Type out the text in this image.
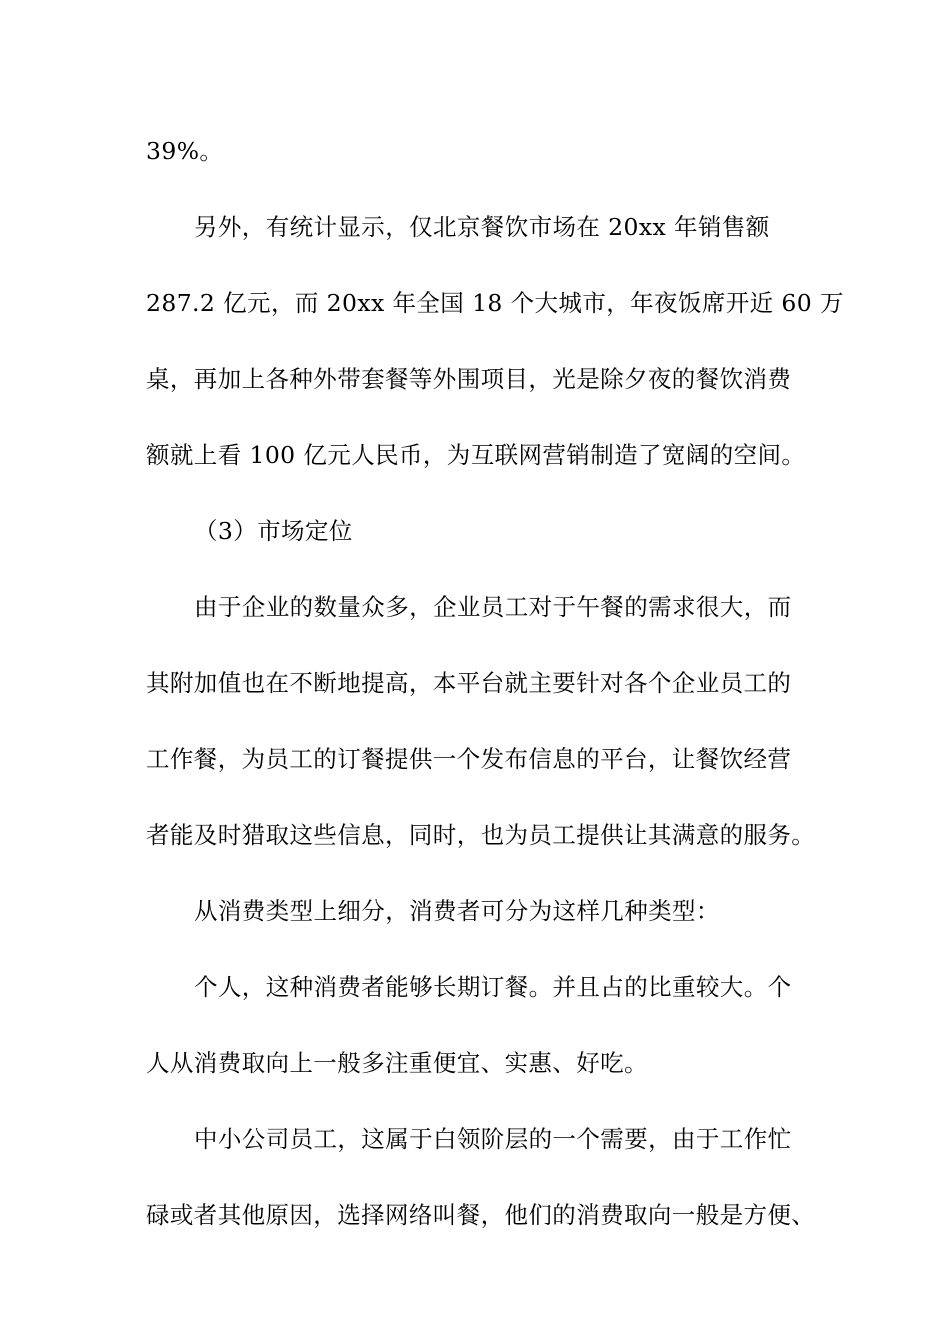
39%。
另外，有统计显示，仅北京餐饮市场在 20xx 年销售额
287.2 亿元，而 20xx 年全国 18 个大城市，年夜饭席开近 60 万
桌，再加上各种外带套餐等外围项目，光是除夕夜的餐饮消费
额就上看 100 亿元人民币，为互联网营销制造了宽阔的空间。
（3）市场定位
由于企业的数量众多，企业员工对于午餐的需求很大，而
其附加值也在不断地提高，本平台就主要针对各个企业员工的
工作餐，为员工的订餐提供一个发布信息的平台，让餐饮经营
者能及时猎取这些信息，同时，也为员工提供让其满意的服务。
从消费类型上细分，消费者可分为这样几种类型：
个人，这种消费者能够长期订餐。并且占的比重较大。个
人从消费取向上一般多注重便宜、实惠、好吃。
中小公司员工，这属于白领阶层的一个需要，由于工作忙
碌或者其他原因，选择网络叫餐，他们的消费取向一般是方便、
